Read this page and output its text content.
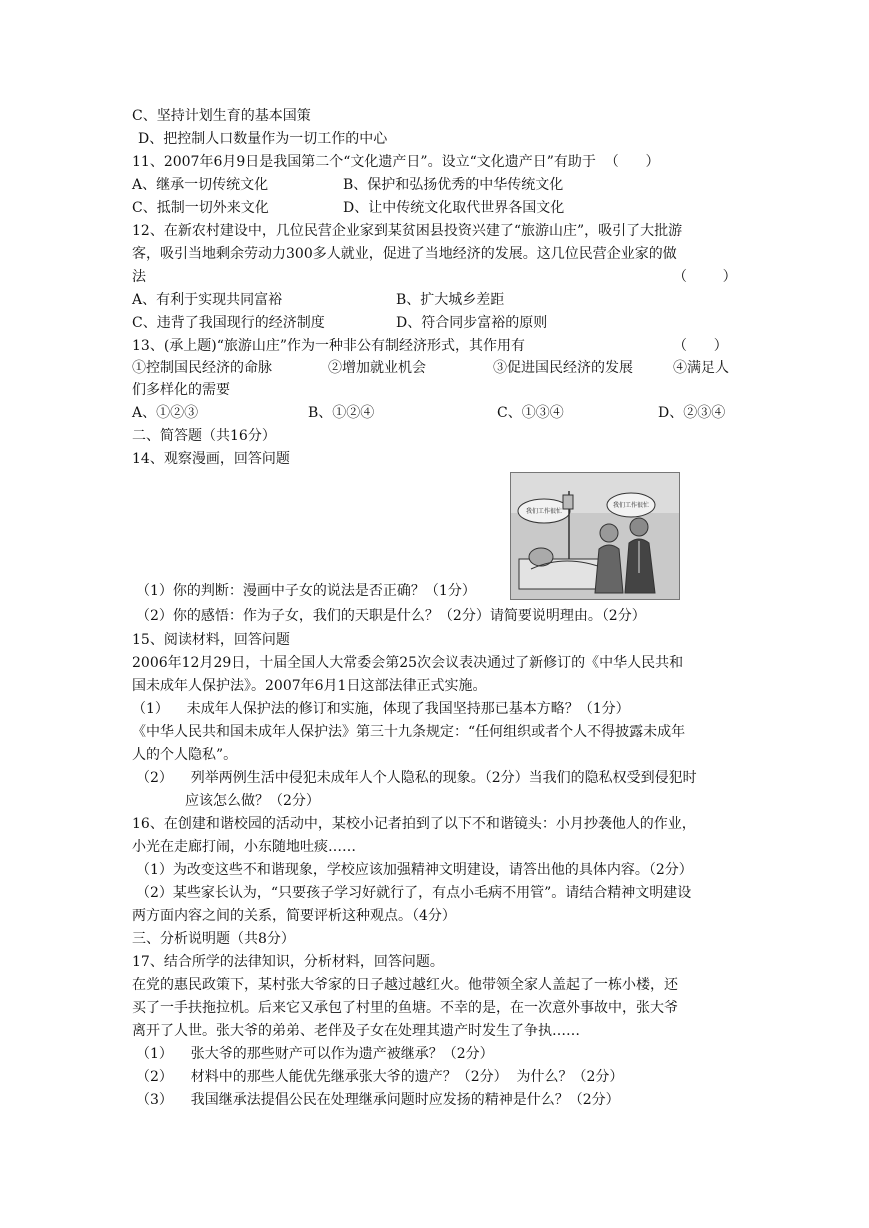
C、坚持计划生育的基本国策
D、把控制人口数量作为一切工作的中心
11、2007年6月9日是我国第二个“文化遗产日”。设立“文化遗产日”有助于  （      ）
A、继承一切传统文化	B、保护和弘扬优秀的中华传统文化
C、抵制一切外来文化	D、让中传统文化取代世界各国文化
12、在新农村建设中，几位民营企业家到某贫困县投资兴建了“旅游山庄”，吸引了大批游
客，吸引当地剩余劳动力300多人就业，促进了当地经济的发展。这几位民营企业家的做
法	（        ）
A、有利于实现共同富裕	B、扩大城乡差距
C、违背了我国现行的经济制度	D、符合同步富裕的原则
13、(承上题)“旅游山庄”作为一种非公有制经济形式，其作用有	（      ）
①控制国民经济的命脉	②增加就业机会	③促进国民经济的发展	④满足人
们多样化的需要
A、①②③	B、①②④	C、①③④	D、②③④
二、简答题（共16分）
14、观察漫画，回答问题
我们工作很忙
我们工作很忙
（1）你的判断：漫画中子女的说法是否正确？（1分）
（2）你的感悟：作为子女，我们的天职是什么？（2分）请简要说明理由。（2分）
15、阅读材料，回答问题
2006年12月29日，十届全国人大常委会第25次会议表决通过了新修订的《中华人民共和
国未成年人保护法》。2007年6月1日这部法律正式实施。
（1）    未成年人保护法的修订和实施，体现了我国坚持那已基本方略？（1分）
《中华人民共和国未成年人保护法》第三十九条规定：“任何组织或者个人不得披露未成年
人的个人隐私”。
（2）    列举两例生活中侵犯未成年人个人隐私的现象。（2分）当我们的隐私权受到侵犯时
应该怎么做？（2分）
16、在创建和谐校园的活动中，某校小记者拍到了以下不和谐镜头：小月抄袭他人的作业，
小光在走廊打闹，小东随地吐痰……
（1）为改变这些不和谐现象，学校应该加强精神文明建设，请答出他的具体内容。（2分）
（2）某些家长认为，“只要孩子学习好就行了，有点小毛病不用管”。请结合精神文明建设
两方面内容之间的关系，简要评析这种观点。（4分）
三、分析说明题（共8分）
17、结合所学的法律知识，分析材料，回答问题。
在党的惠民政策下，某村张大爷家的日子越过越红火。他带领全家人盖起了一栋小楼，还
买了一手扶拖拉机。后来它又承包了村里的鱼塘。不幸的是，在一次意外事故中，张大爷
离开了人世。张大爷的弟弟、老伴及子女在处理其遗产时发生了争执……
（1）    张大爷的那些财产可以作为遗产被继承？（2分）
（2）    材料中的那些人能优先继承张大爷的遗产？（2分）  为什么？（2分）
（3）    我国继承法提倡公民在处理继承问题时应发扬的精神是什么？（2分）
